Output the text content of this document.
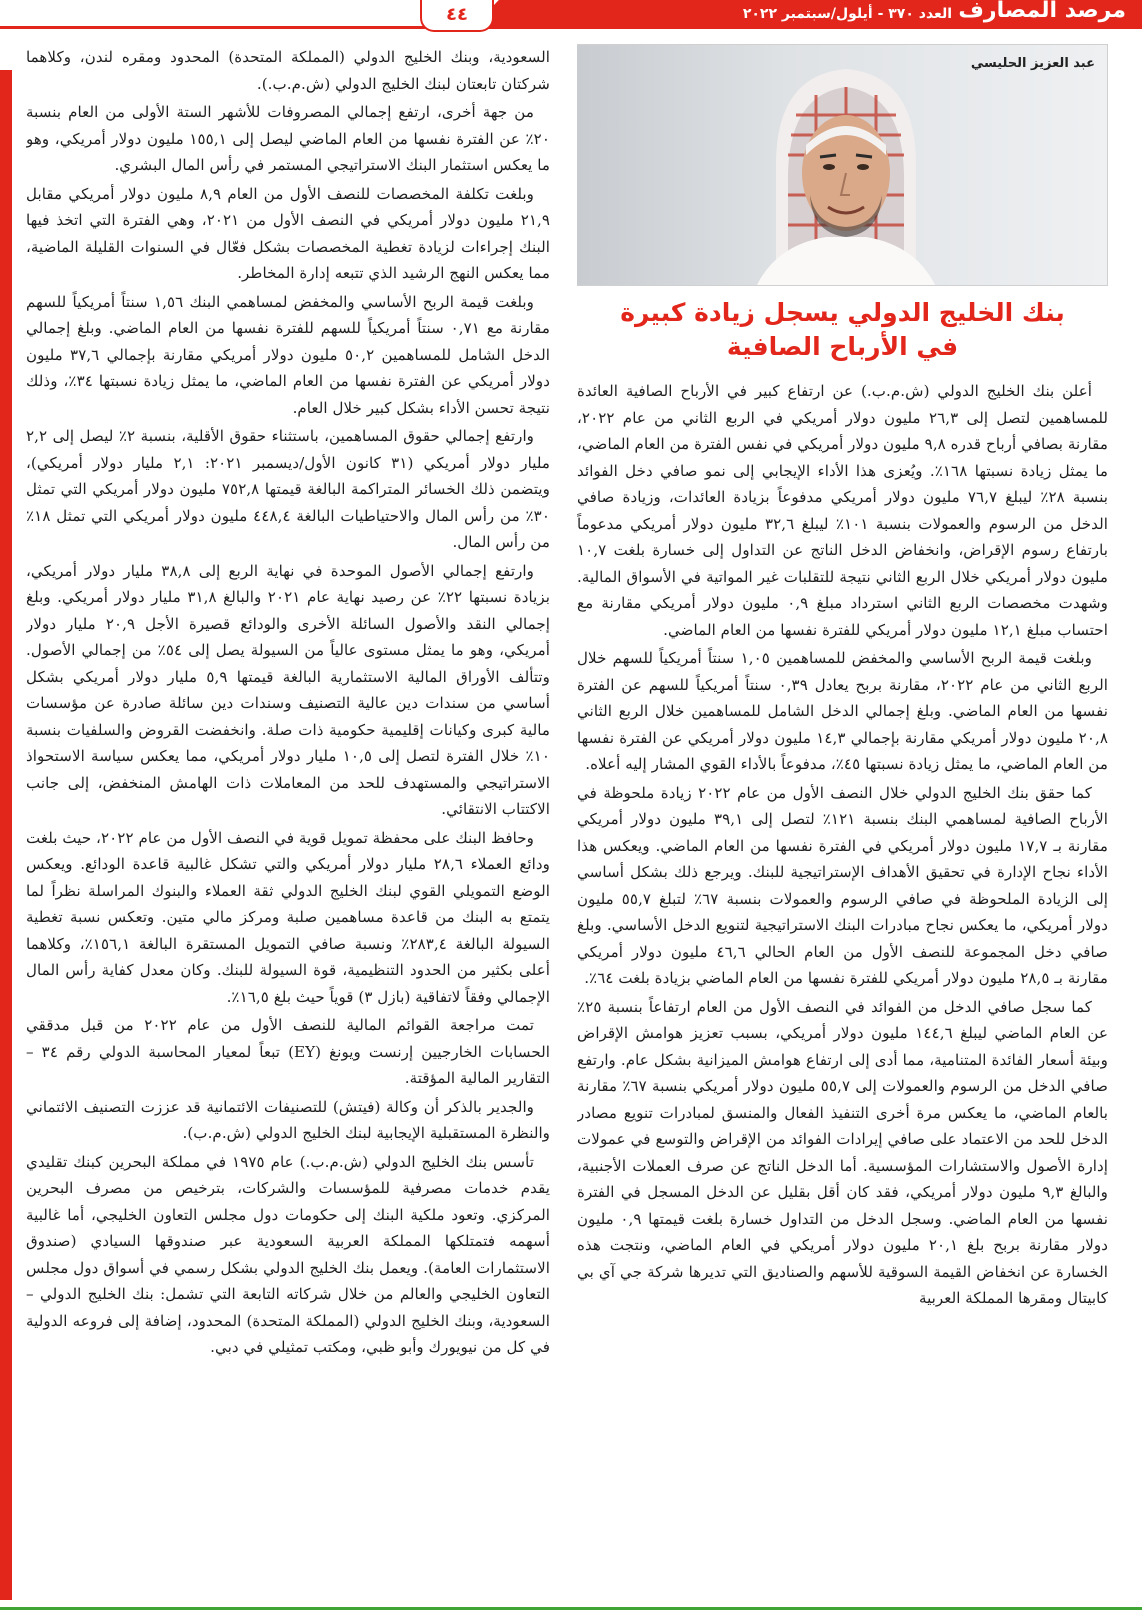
مرصد المصارف
العدد ٣٧٠ - أيلول/سبتمبر ٢٠٢٢
٤٤
عبد العزيز الحليسي
بنك الخليج الدولي يسجل زيادة كبيرة
في الأرباح الصافية

أعلن بنك الخليج الدولي (ش.م.ب.) عن ارتفاع كبير في الأرباح الصافية العائدة للمساهمين لتصل إلى ٢٦,٣ مليون دولار أمريكي في الربع الثاني من عام ٢٠٢٢، مقارنة بصافي أرباح قدره ٩,٨ مليون دولار أمريكي في نفس الفترة من العام الماضي، ما يمثل زيادة نسبتها ١٦٨٪. ويُعزى هذا الأداء الإيجابي إلى نمو صافي دخل الفوائد بنسبة ٢٨٪ ليبلغ ٧٦,٧ مليون دولار أمريكي مدفوعاً بزيادة العائدات، وزيادة صافي الدخل من الرسوم والعمولات بنسبة ١٠١٪ ليبلغ ٣٢,٦ مليون دولار أمريكي مدعوماً بارتفاع رسوم الإقراض، وانخفاض الدخل الناتج عن التداول إلى خسارة بلغت ١٠,٧ مليون دولار أمريكي خلال الربع الثاني نتيجة للتقلبات غير المواتية في الأسواق المالية. وشهدت مخصصات الربع الثاني استرداد مبلغ ٠,٩ مليون دولار أمريكي مقارنة مع احتساب مبلغ ١٢,١ مليون دولار أمريكي للفترة نفسها من العام الماضي.

وبلغت قيمة الربح الأساسي والمخفض للمساهمين ١,٠٥ سنتاً أمريكياً للسهم خلال الربع الثاني من عام ٢٠٢٢، مقارنة بربح يعادل ٠,٣٩ سنتاً أمريكياً للسهم عن الفترة نفسها من العام الماضي. وبلغ إجمالي الدخل الشامل للمساهمين خلال الربع الثاني ٢٠,٨ مليون دولار أمريكي مقارنة بإجمالي ١٤,٣ مليون دولار أمريكي عن الفترة نفسها من العام الماضي، ما يمثل زيادة نسبتها ٤٥٪، مدفوعاً بالأداء القوي المشار إليه أعلاه.

كما حقق بنك الخليج الدولي خلال النصف الأول من عام ٢٠٢٢ زيادة ملحوظة في الأرباح الصافية لمساهمي البنك بنسبة ١٢١٪ لتصل إلى ٣٩,١ مليون دولار أمريكي مقارنة بـ ١٧,٧ مليون دولار أمريكي في الفترة نفسها من العام الماضي. ويعكس هذا الأداء نجاح الإدارة في تحقيق الأهداف الإستراتيجية للبنك. ويرجع ذلك بشكل أساسي إلى الزيادة الملحوظة في صافي الرسوم والعمولات بنسبة ٦٧٪ لتبلغ ٥٥,٧ مليون دولار أمريكي، ما يعكس نجاح مبادرات البنك الاستراتيجية لتنويع الدخل الأساسي. وبلغ صافي دخل المجموعة للنصف الأول من العام الحالي ٤٦,٦ مليون دولار أمريكي مقارنة بـ ٢٨,٥ مليون دولار أمريكي للفترة نفسها من العام الماضي بزيادة بلغت ٦٤٪.

كما سجل صافي الدخل من الفوائد في النصف الأول من العام ارتفاعاً بنسبة ٢٥٪ عن العام الماضي ليبلغ ١٤٤,٦ مليون دولار أمريكي، بسبب تعزيز هوامش الإقراض وبيئة أسعار الفائدة المتنامية، مما أدى إلى ارتفاع هوامش الميزانية بشكل عام. وارتفع صافي الدخل من الرسوم والعمولات إلى ٥٥,٧ مليون دولار أمريكي بنسبة ٦٧٪ مقارنة بالعام الماضي، ما يعكس مرة أخرى التنفيذ الفعال والمنسق لمبادرات تنويع مصادر الدخل للحد من الاعتماد على صافي إيرادات الفوائد من الإقراض والتوسع في عمولات إدارة الأصول والاستشارات المؤسسية. أما الدخل الناتج عن صرف العملات الأجنبية، والبالغ ٩,٣ مليون دولار أمريكي، فقد كان أقل بقليل عن الدخل المسجل في الفترة نفسها من العام الماضي. وسجل الدخل من التداول خسارة بلغت قيمتها ٠,٩ مليون دولار مقارنة بربح بلغ ٢٠,١ مليون دولار أمريكي في العام الماضي، ونتجت هذه الخسارة عن انخفاض القيمة السوقية للأسهم والصناديق التي تديرها شركة جي آي بي كابيتال ومقرها المملكة العربية

السعودية، وبنك الخليج الدولي (المملكة المتحدة) المحدود ومقره لندن، وكلاهما شركتان تابعتان لبنك الخليج الدولي (ش.م.ب.).

من جهة أخرى، ارتفع إجمالي المصروفات للأشهر الستة الأولى من العام بنسبة ٢٠٪ عن الفترة نفسها من العام الماضي ليصل إلى ١٥٥,١ مليون دولار أمريكي، وهو ما يعكس استثمار البنك الاستراتيجي المستمر في رأس المال البشري.

وبلغت تكلفة المخصصات للنصف الأول من العام ٨,٩ مليون دولار أمريكي مقابل ٢١,٩ مليون دولار أمريكي في النصف الأول من ٢٠٢١، وهي الفترة التي اتخذ فيها البنك إجراءات لزيادة تغطية المخصصات بشكل فعّال في السنوات القليلة الماضية، مما يعكس النهج الرشيد الذي تتبعه إدارة المخاطر.

وبلغت قيمة الربح الأساسي والمخفض لمساهمي البنك ١,٥٦ سنتاً أمريكياً للسهم مقارنة مع ٠,٧١ سنتاً أمريكياً للسهم للفترة نفسها من العام الماضي. وبلغ إجمالي الدخل الشامل للمساهمين ٥٠,٢ مليون دولار أمريكي مقارنة بإجمالي ٣٧,٦ مليون دولار أمريكي عن الفترة نفسها من العام الماضي، ما يمثل زيادة نسبتها ٣٤٪، وذلك نتيجة تحسن الأداء بشكل كبير خلال العام.

وارتفع إجمالي حقوق المساهمين، باستثناء حقوق الأقلية، بنسبة ٢٪ ليصل إلى ٢,٢ مليار دولار أمريكي (٣١ كانون الأول/ديسمبر ٢٠٢١: ٢,١ مليار دولار أمريكي)، ويتضمن ذلك الخسائر المتراكمة البالغة قيمتها ٧٥٢,٨ مليون دولار أمريكي التي تمثل ٣٠٪ من رأس المال والاحتياطيات البالغة ٤٤٨,٤ مليون دولار أمريكي التي تمثل ١٨٪ من رأس المال.

وارتفع إجمالي الأصول الموحدة في نهاية الربع إلى ٣٨,٨ مليار دولار أمريكي، بزيادة نسبتها ٢٢٪ عن رصيد نهاية عام ٢٠٢١ والبالغ ٣١,٨ مليار دولار أمريكي. وبلغ إجمالي النقد والأصول السائلة الأخرى والودائع قصيرة الأجل ٢٠,٩ مليار دولار أمريكي، وهو ما يمثل مستوى عالياً من السيولة يصل إلى ٥٤٪ من إجمالي الأصول. وتتألف الأوراق المالية الاستثمارية البالغة قيمتها ٥,٩ مليار دولار أمريكي بشكل أساسي من سندات دين عالية التصنيف وسندات دين سائلة صادرة عن مؤسسات مالية كبرى وكيانات إقليمية حكومية ذات صلة. وانخفضت القروض والسلفيات بنسبة ١٠٪ خلال الفترة لتصل إلى ١٠,٥ مليار دولار أمريكي، مما يعكس سياسة الاستحواذ الاستراتيجي والمستهدف للحد من المعاملات ذات الهامش المنخفض، إلى جانب الاكتتاب الانتقائي.

وحافظ البنك على محفظة تمويل قوية في النصف الأول من عام ٢٠٢٢، حيث بلغت ودائع العملاء ٢٨,٦ مليار دولار أمريكي والتي تشكل غالبية قاعدة الودائع. ويعكس الوضع التمويلي القوي لبنك الخليج الدولي ثقة العملاء والبنوك المراسلة نظراً لما يتمتع به البنك من قاعدة مساهمين صلبة ومركز مالي متين. وتعكس نسبة تغطية السيولة البالغة ٢٨٣,٤٪ ونسبة صافي التمويل المستقرة البالغة ١٥٦,١٪، وكلاهما أعلى بكثير من الحدود التنظيمية، قوة السيولة للبنك. وكان معدل كفاية رأس المال الإجمالي وفقاً لاتفاقية (بازل ٣) قوياً حيث بلغ ١٦,٥٪.

تمت مراجعة القوائم المالية للنصف الأول من عام ٢٠٢٢ من قبل مدققي الحسابات الخارجيين إرنست ويونغ (EY) تبعاً لمعيار المحاسبة الدولي رقم ٣٤ – التقارير المالية المؤقتة.

والجدير بالذكر أن وكالة (فيتش) للتصنيفات الائتمانية قد عززت التصنيف الائتماني والنظرة المستقبلية الإيجابية لبنك الخليج الدولي (ش.م.ب).

تأسس بنك الخليج الدولي (ش.م.ب.) عام ١٩٧٥ في مملكة البحرين كبنك تقليدي يقدم خدمات مصرفية للمؤسسات والشركات، بترخيص من مصرف البحرين المركزي. وتعود ملكية البنك إلى حكومات دول مجلس التعاون الخليجي، أما غالبية أسهمه فتمتلكها المملكة العربية السعودية عبر صندوقها السيادي (صندوق الاستثمارات العامة). ويعمل بنك الخليج الدولي بشكل رسمي في أسواق دول مجلس التعاون الخليجي والعالم من خلال شركاته التابعة التي تشمل: بنك الخليج الدولي – السعودية، وبنك الخليج الدولي (المملكة المتحدة) المحدود، إضافة إلى فروعه الدولية في كل من نيويورك وأبو ظبي، ومكتب تمثيلي في دبي.
